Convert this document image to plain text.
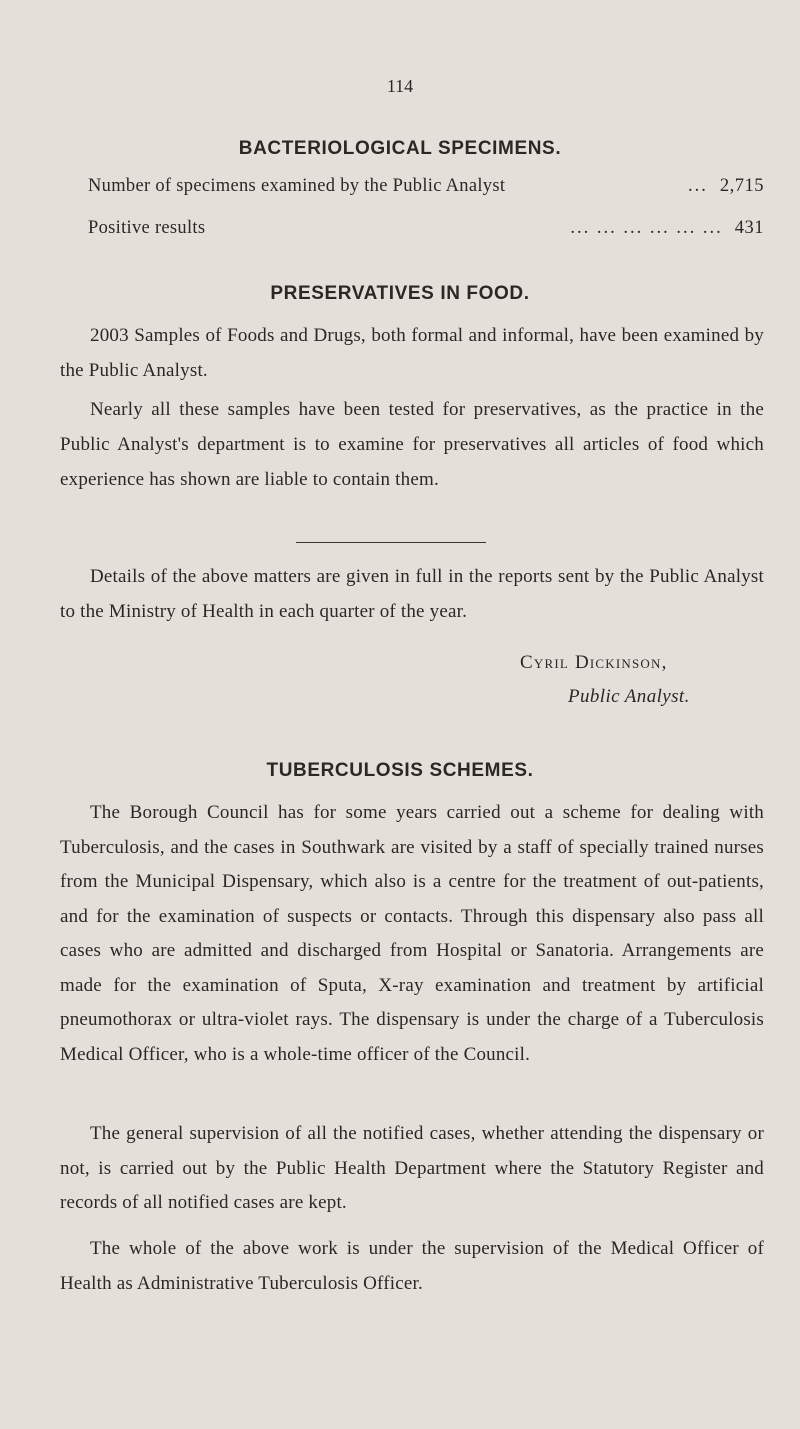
114
BACTERIOLOGICAL SPECIMENS.
Number of specimens examined by the Public Analyst	... 2,715
Positive results	... ... ... ... ... ... 431
PRESERVATIVES IN FOOD.

2003 Samples of Foods and Drugs, both formal and informal, have been examined by the Public Analyst.

Nearly all these samples have been tested for preservatives, as the practice in the Public Analyst's department is to examine for preservatives all articles of food which experience has shown are liable to contain them.

Details of the above matters are given in full in the reports sent by the Public Analyst to the Ministry of Health in each quarter of the year.

Cyril Dickinson,
Public Analyst.
TUBERCULOSIS SCHEMES.

The Borough Council has for some years carried out a scheme for dealing with Tuberculosis, and the cases in Southwark are visited by a staff of specially trained nurses from the Municipal Dispensary, which also is a centre for the treatment of out-patients, and for the examination of suspects or contacts. Through this dispensary also pass all cases who are admitted and discharged from Hospital or Sanatoria. Arrangements are made for the examination of Sputa, X-ray examination and treatment by artificial pneumothorax or ultra-violet rays. The dispensary is under the charge of a Tuberculosis Medical Officer, who is a whole-time officer of the Council.

The general supervision of all the notified cases, whether attending the dispensary or not, is carried out by the Public Health Department where the Statutory Register and records of all notified cases are kept.

The whole of the above work is under the supervision of the Medical Officer of Health as Administrative Tuberculosis Officer.
